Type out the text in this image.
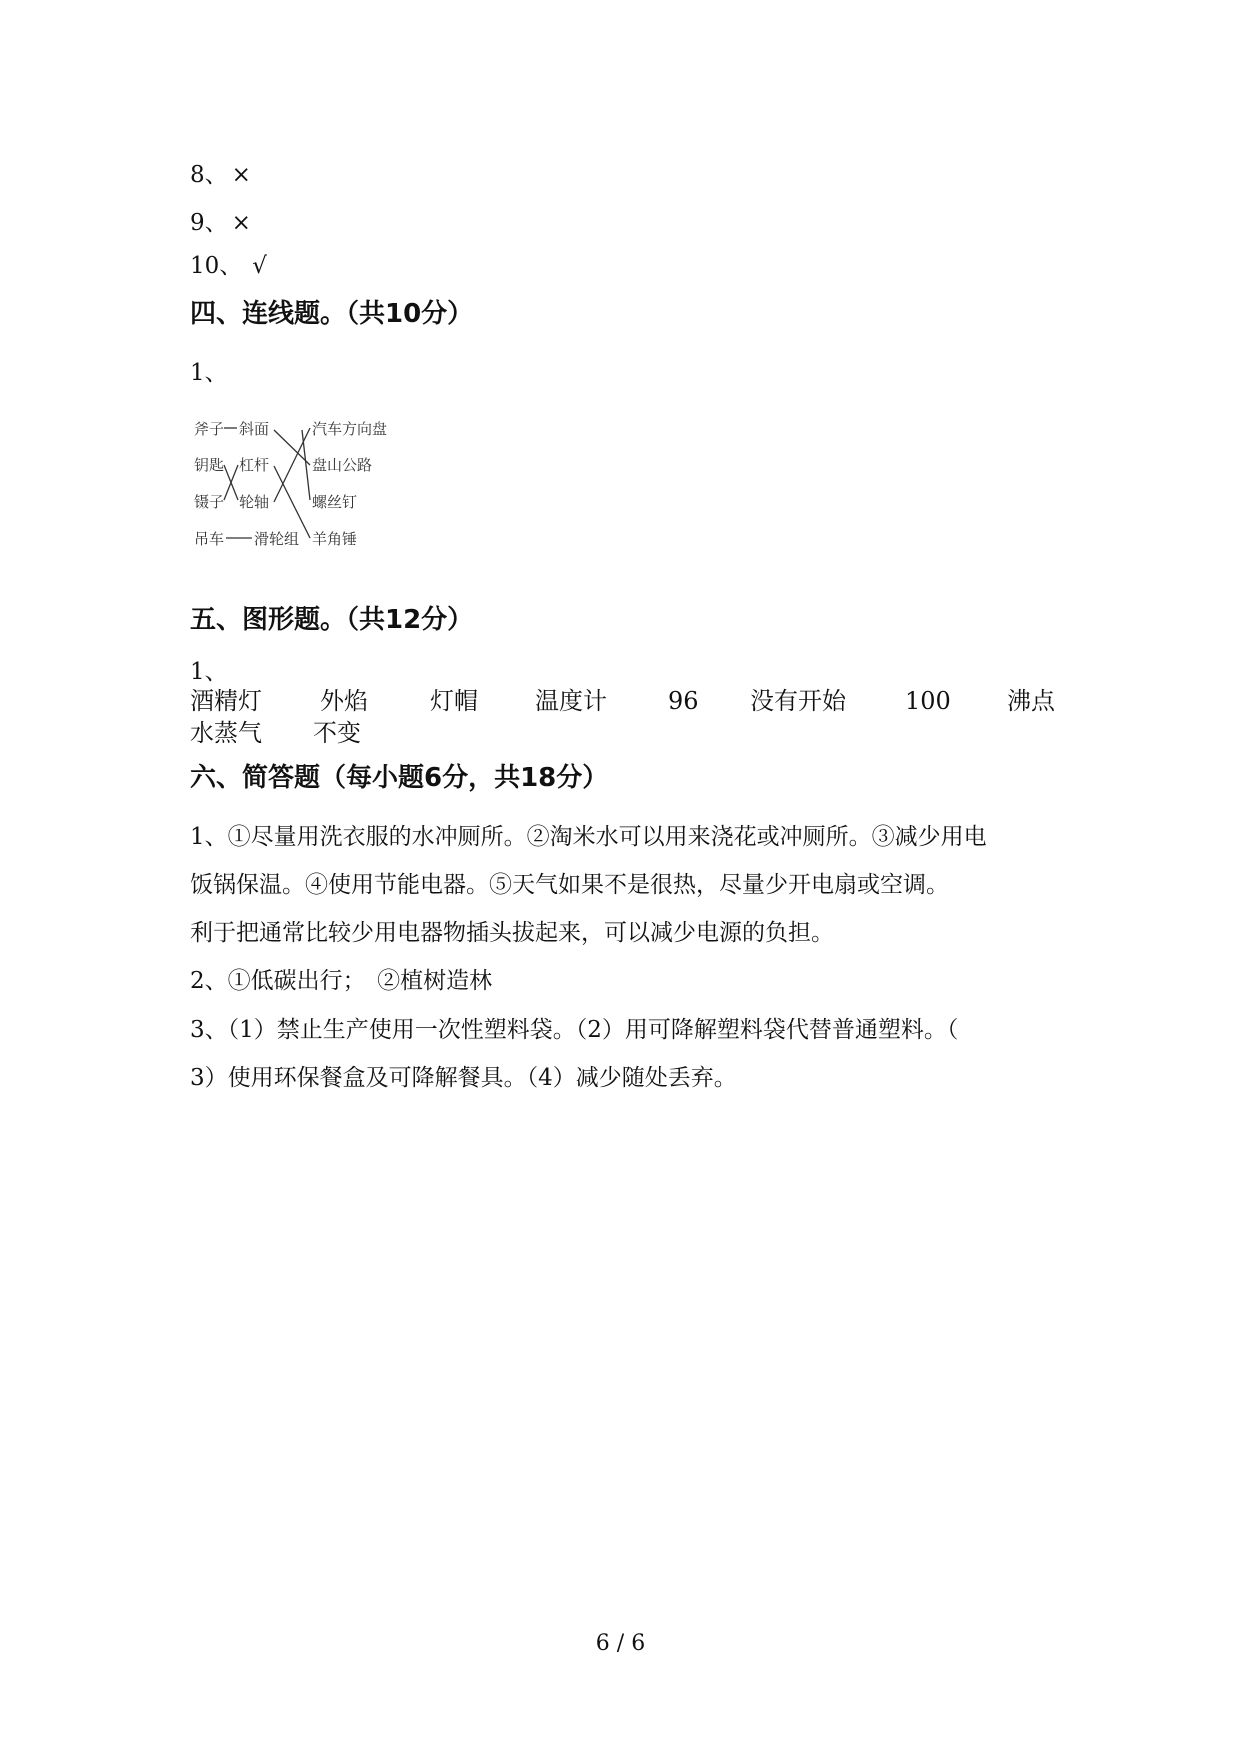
8、 ×
9、 ×
10、 √
四、连线题。（共10分）
1、
斧子
钥匙
镊子
吊车
斜面
杠杆
轮轴
滑轮组
汽车方向盘
盘山公路
螺丝钉
羊角锤
五、图形题。（共12分）
1、
酒精灯 外焰	灯帽 温度计	96 没有开始 100 沸点
水蒸气 不变
六、简答题（每小题6分，共18分）
1、①尽量用洗衣服的水冲厕所。②淘米水可以用来浇花或冲厕所。③减少用电
饭锅保温。④使用节能电器。⑤天气如果不是很热，尽量少开电扇或空调。
利于把通常比较少用电器物插头拔起来，可以减少电源的负担。
2、①低碳出行；　②植树造林
3、（1）禁止生产使用一次性塑料袋。（2）用可降解塑料袋代替普通塑料。（
3）使用环保餐盒及可降解餐具。（4）减少随处丢弃。
6 / 6
